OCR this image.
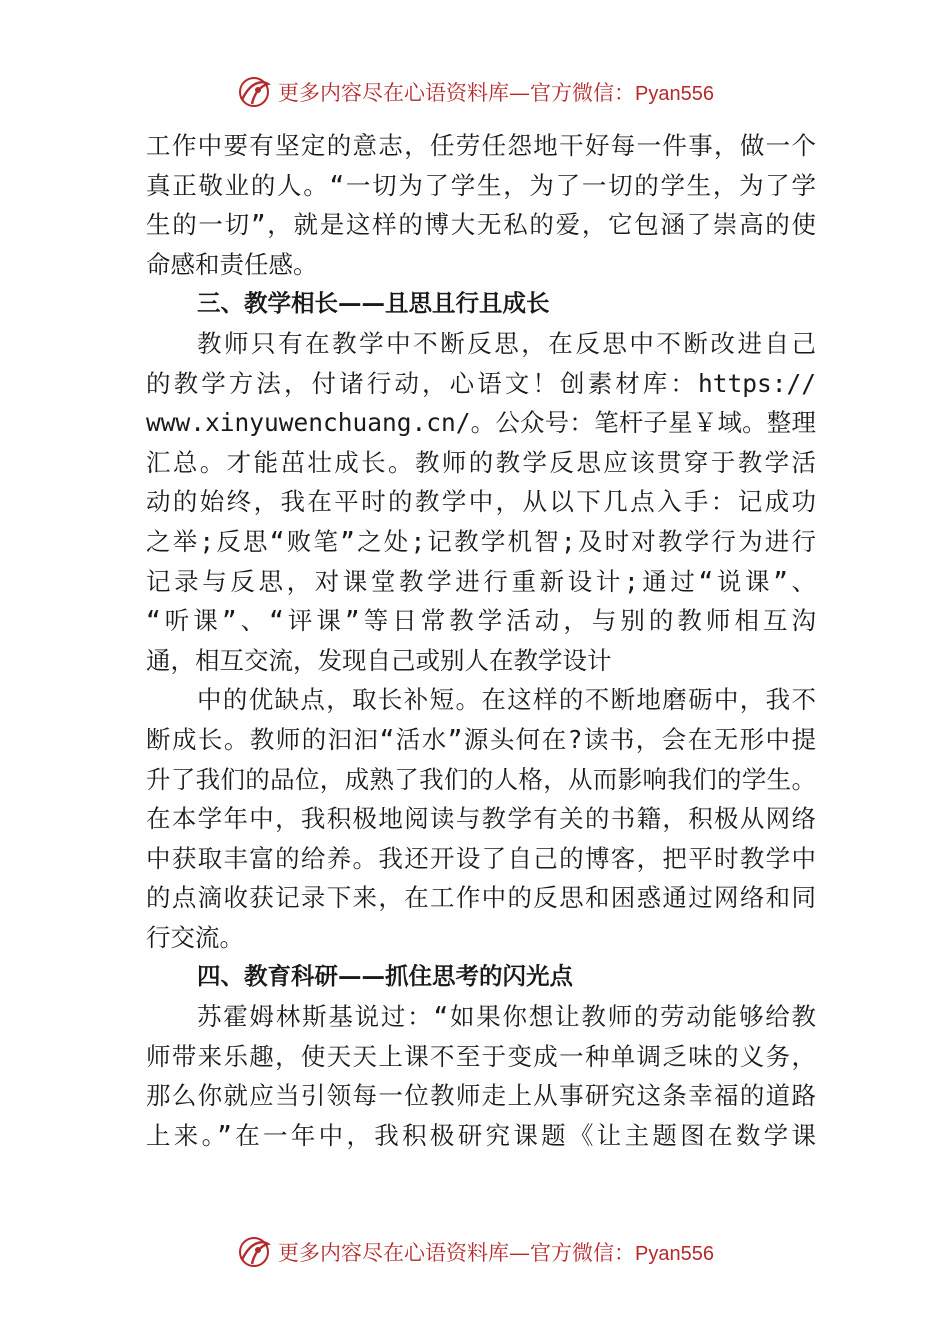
更多内容尽在心语资料库—官方微信：Pyan556
工作中要有坚定的意志，任劳任怨地干好每一件事，做一个
真正敬业的人。“一切为了学生，为了一切的学生，为了学
生的一切”，就是这样的博大无私的爱，它包涵了崇高的使
命感和责任感。
三、教学相长——且思且行且成长
教师只有在教学中不断反思，在反思中不断改进自己
的教学方法，付诸行动，心语文！创素材库：https://
www.xinyuwenchuang.cn/。公众号：笔杆子星￥域。整理
汇总。才能茁壮成长。教师的教学反思应该贯穿于教学活
动的始终，我在平时的教学中，从以下几点入手：记成功
之举;反思“败笔”之处;记教学机智;及时对教学行为进行
记录与反思，对课堂教学进行重新设计;通过“说课”、
“听课”、“评课”等日常教学活动，与别的教师相互沟
通，相互交流，发现自己或别人在教学设计
中的优缺点，取长补短。在这样的不断地磨砺中，我不
断成长。教师的汩汩“活水”源头何在?读书，会在无形中提
升了我们的品位，成熟了我们的人格，从而影响我们的学生。
在本学年中，我积极地阅读与教学有关的书籍，积极从网络
中获取丰富的给养。我还开设了自己的博客，把平时教学中
的点滴收获记录下来，在工作中的反思和困惑通过网络和同
行交流。
四、教育科研——抓住思考的闪光点
苏霍姆林斯基说过：“如果你想让教师的劳动能够给教
师带来乐趣，使天天上课不至于变成一种单调乏味的义务，
那么你就应当引领每一位教师走上从事研究这条幸福的道路
上来。”在一年中，我积极研究课题《让主题图在数学课
更多内容尽在心语资料库—官方微信：Pyan556
